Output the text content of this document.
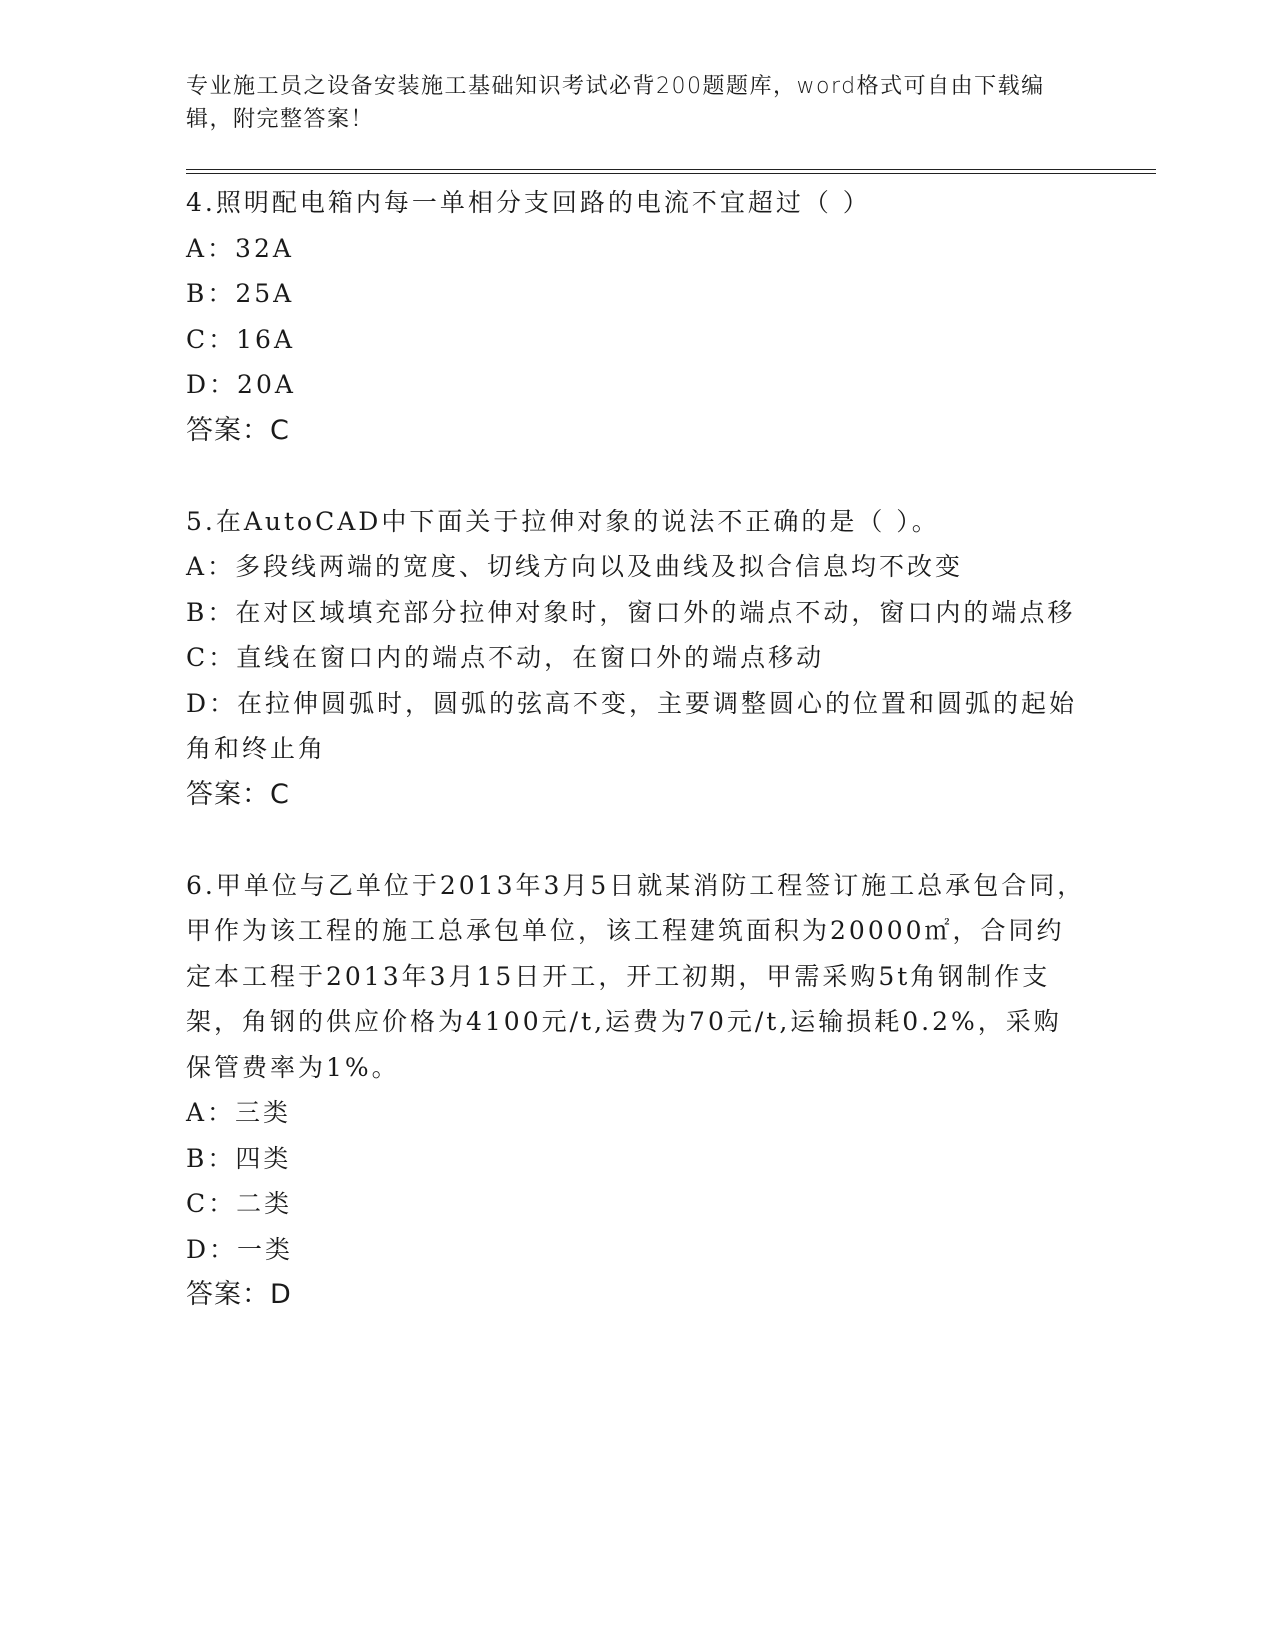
专业施工员之设备安装施工基础知识考试必背200题题库，word格式可自由下载编辑，附完整答案！
4.照明配电箱内每一单相分支回路的电流不宜超过（ ）
A：32A
B：25A
C：16A
D：20A
答案：C
5.在AutoCAD中下面关于拉伸对象的说法不正确的是（ ）。
A：多段线两端的宽度、切线方向以及曲线及拟合信息均不改变
B：在对区域填充部分拉伸对象时，窗口外的端点不动，窗口内的端点移
C：直线在窗口内的端点不动，在窗口外的端点移动
D：在拉伸圆弧时，圆弧的弦高不变，主要调整圆心的位置和圆弧的起始角和终止角
答案：C
6.甲单位与乙单位于2013年3月5日就某消防工程签订施工总承包合同，甲作为该工程的施工总承包单位，该工程建筑面积为20000㎡，合同约定本工程于2013年3月15日开工，开工初期，甲需采购5t角钢制作支架，角钢的供应价格为4100元/t,运费为70元/t,运输损耗0.2%，采购保管费率为1%。
A：三类
B：四类
C：二类
D：一类
答案：D
